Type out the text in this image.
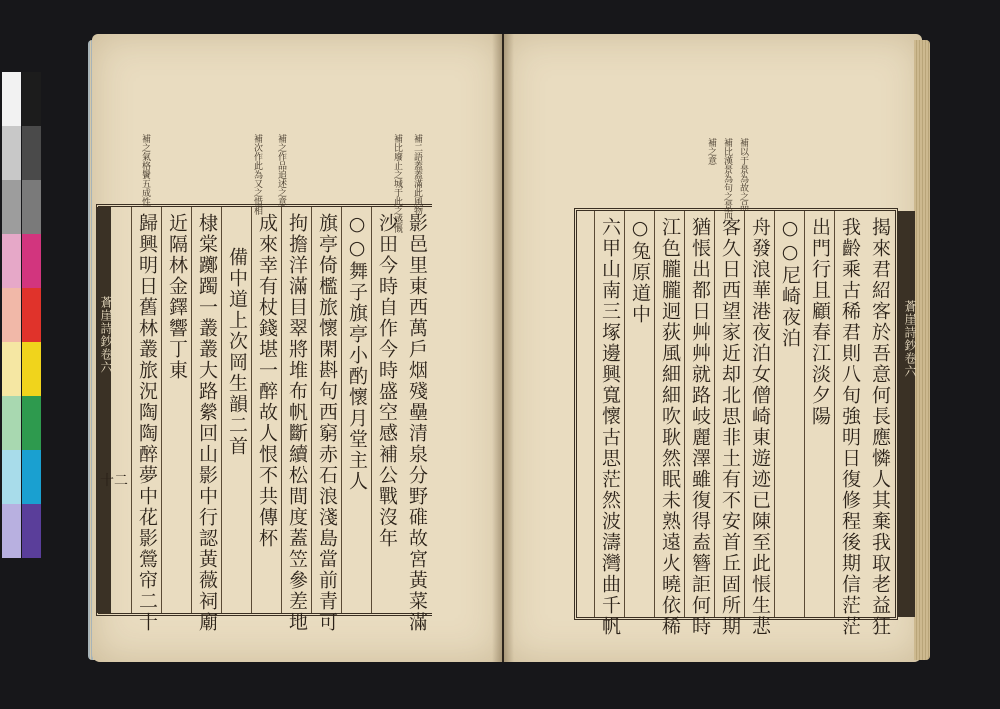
補二語蓋蓋滿此風物
補比廢止之城于此之感慨
補之作品追述之意
補次作此為又之惜相
補之氣格鬢五成性
影邑里東西萬戶烟殘壘清泉分野碓故宮黃菜滿
沙田今時自作今時盛空感補公戰沒年
○○舞子旗亭小酌懷月堂主人
旗亭倚檻旅懷閑斟句西窮赤石浪淺島當前青可
拘擔洋滿目翠將堆布帆斷續松間度蓋笠參差地
成來幸有杖錢堪一醉故人恨不共傳杯
備中道上次岡生韻二首
棣棠躑躅一叢叢大路縈回山影中行認黃薇祠廟
近隔林金鐸響丁東
歸興明日舊林叢旅況陶陶醉夢中花影鶯帘二十
蒼崖詩鈔卷六
十二
補以于景為故之品
補比漢景為句之景而
補之意
揭來君紹客於吾意何長應憐人其棄我取老益狂
我齡乘古稀君則八旬強明日復修程後期信茫茫
出門行且顧春江淡夕陽
○○尼崎夜泊
舟發浪華港夜泊女僧崎東遊迹已陳至此悵生悲
客久日西望家近却北思非土有不安首丘固所期
猶悵出都日艸艸就路岐麗澤雖復得盍簪詎何時
江色朧朧迥荻風細細吹耿然眠未熟遠火曉依稀
○兔原道中
六甲山南三塚邊興寬懷古思茫然波濤灣曲千帆	蒼崖詩鈔卷六
